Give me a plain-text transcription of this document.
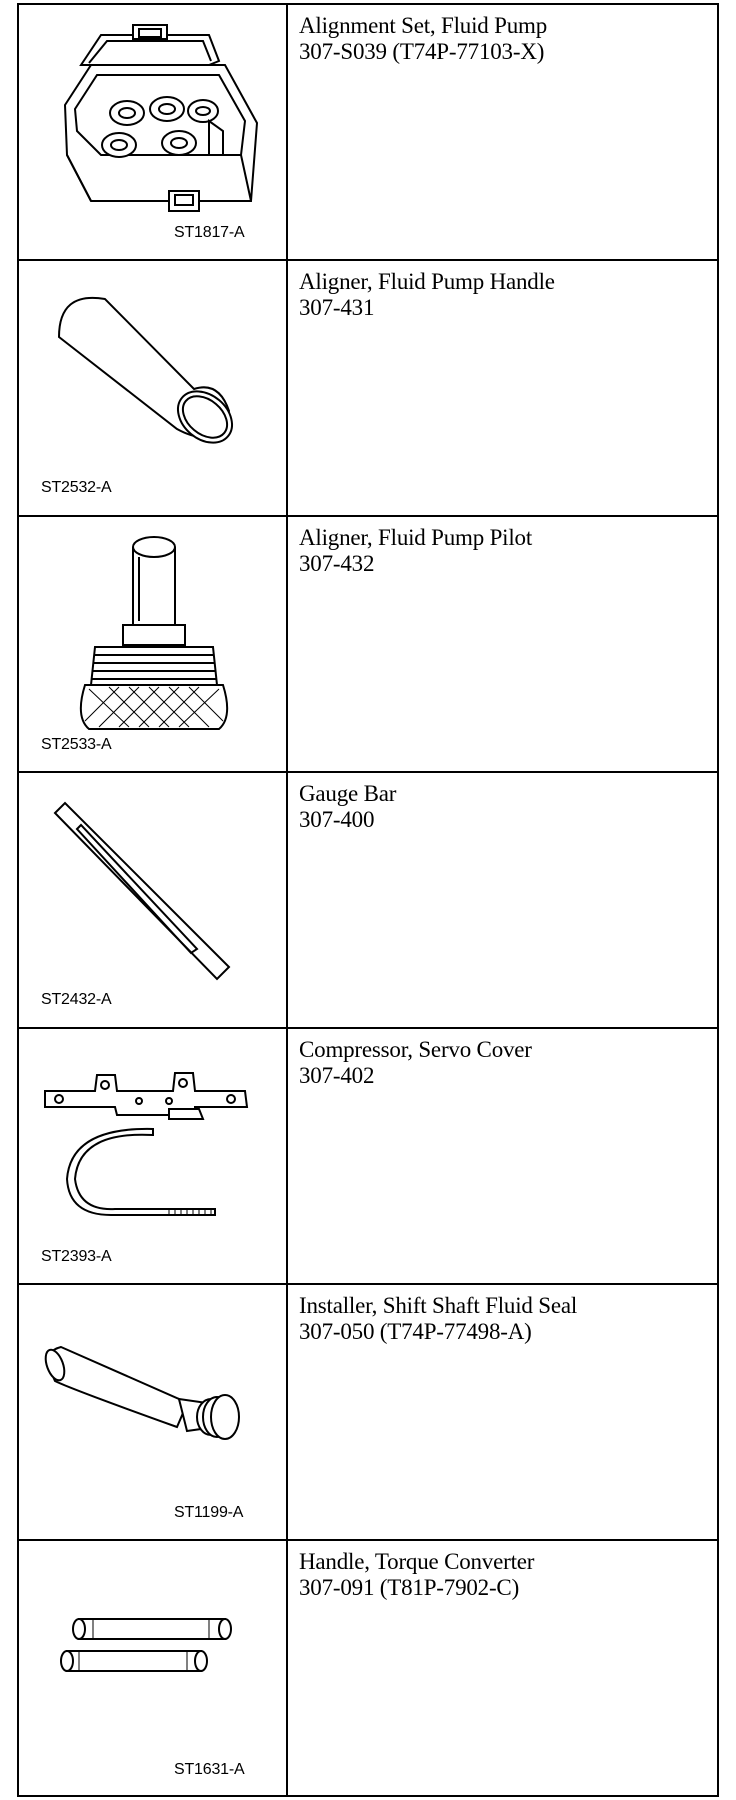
ST1817-A	Alignment Set, Fluid Pump
307-S039 (T74P-77103-X)

ST2532-A	Aligner, Fluid Pump Handle
307-431

ST2533-A	Aligner, Fluid Pump Pilot
307-432

ST2432-A	Gauge Bar
307-400

ST2393-A	Compressor, Servo Cover
307-402

ST1199-A	Installer, Shift Shaft Fluid Seal
307-050 (T74P-77498-A)

ST1631-A	Handle, Torque Converter
307-091 (T81P-7902-C)
